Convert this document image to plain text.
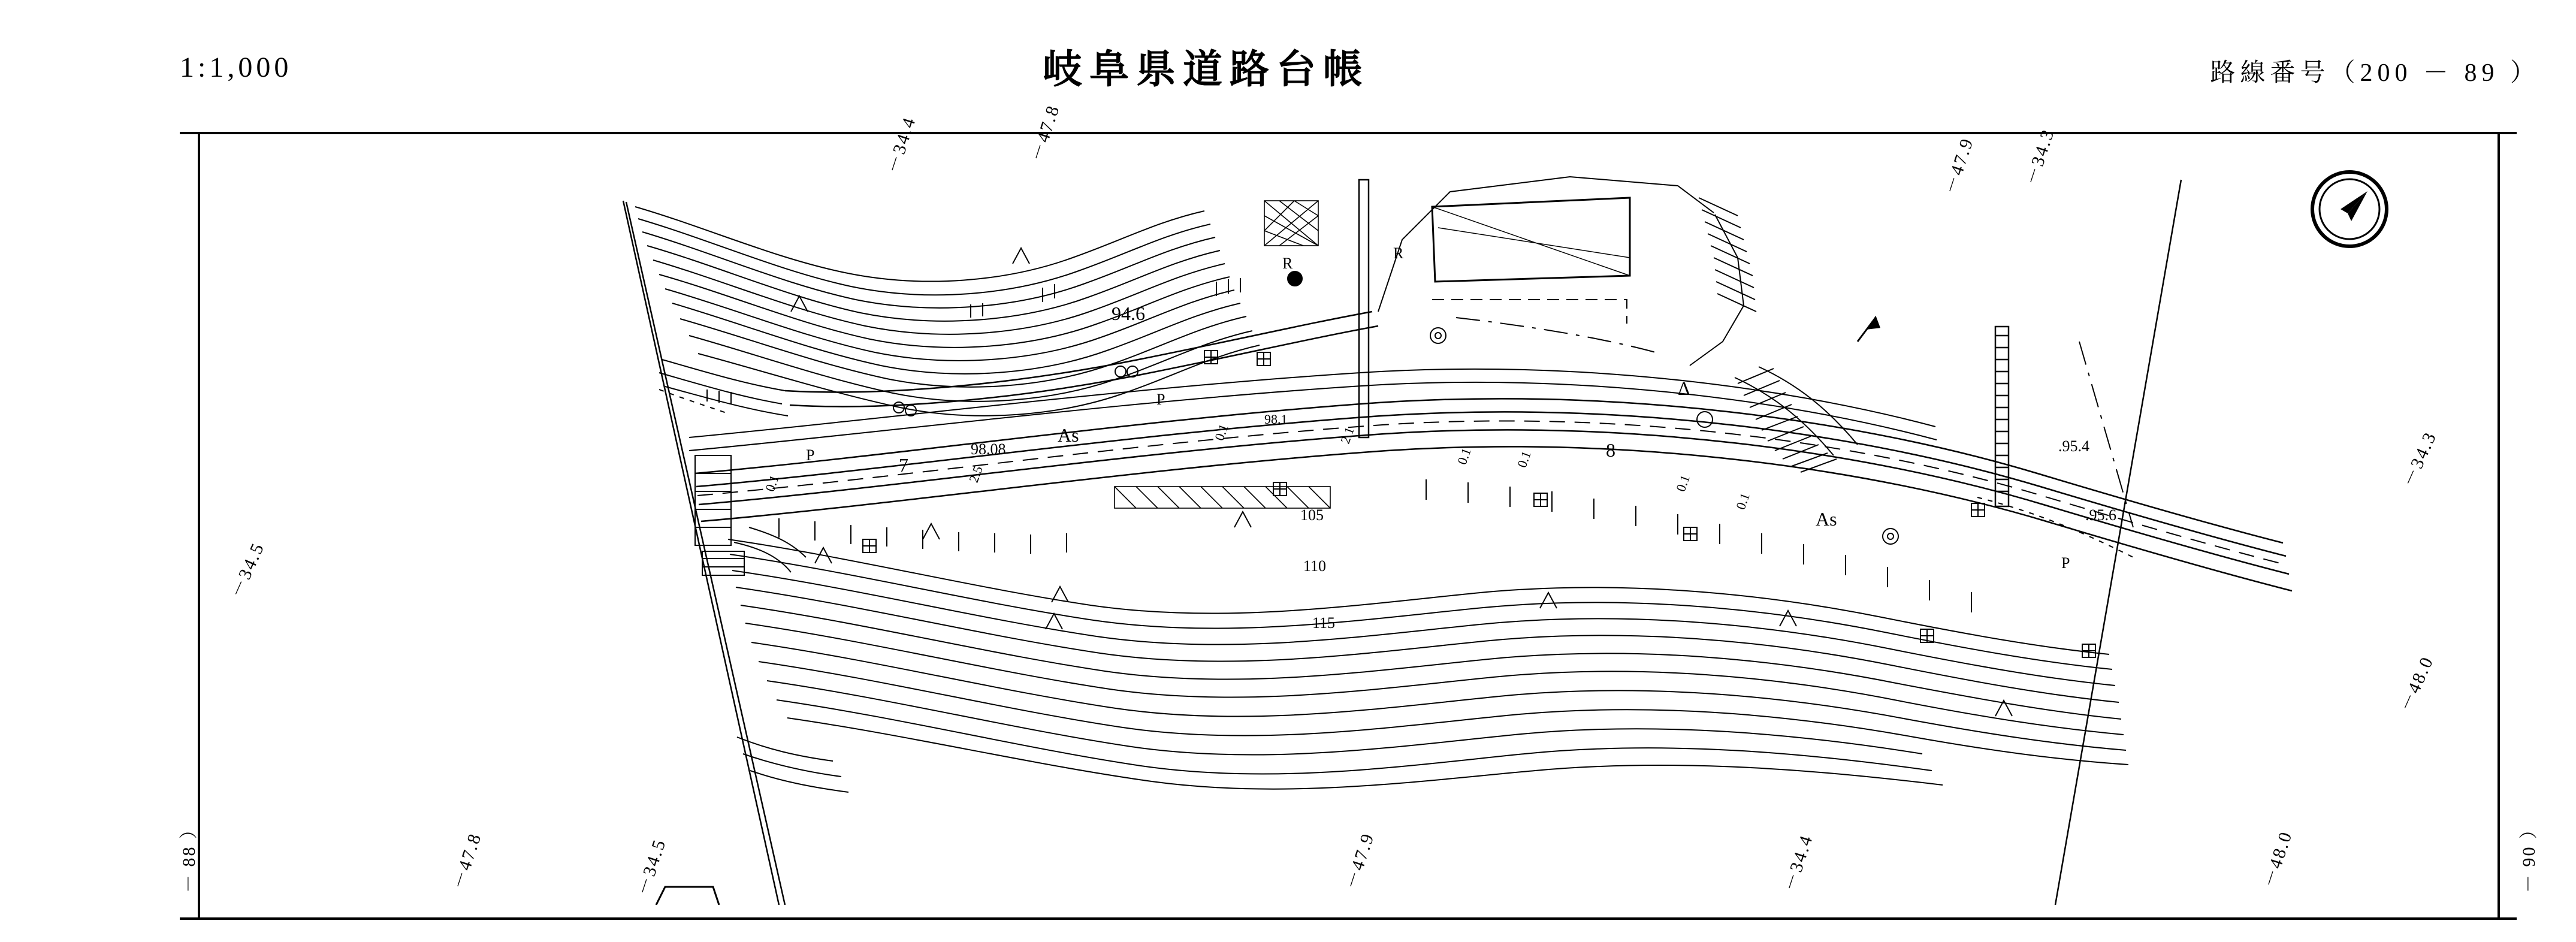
1:1,000	岐阜県道路台帳	路線番号（200 － 89 ）
－ 88 ）	－ 90 ）
－34.4	－47.8
－47.9 －34.3
－34.3
－48.0
－34.5
－47.8	－34.5	－47.9	－34.4	－48.0
94.6
98.08
98.1
.95.4
.95.6
105
110
115
7
8
As
As
P
P
P
R
R
0.1	2.5
0.1	2.1
0.1	0.1
0.1
0.1
Δ
